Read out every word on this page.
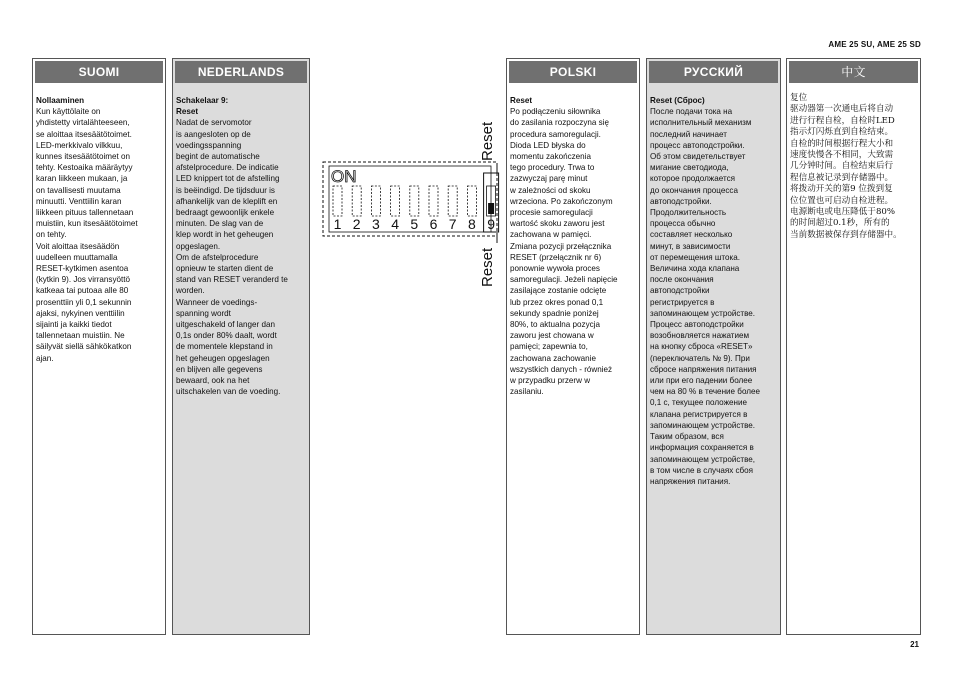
AME 25 SU, AME 25 SD
SUOMI
Nollaaminen
Kun käyttölaite on
yhdistetty virtalähteeseen,
se aloittaa itsesäätötoimet.
LED-merkkivalo vilkkuu,
kunnes itsesäätötoimet on
tehty. Kestoaika määräytyy
karan liikkeen mukaan, ja
on tavallisesti muutama
minuutti. Venttiilin karan
liikkeen pituus tallennetaan
muistiin, kun itsesäätötoimet
on tehty.
Voit aloittaa itsesäädön
uudelleen muuttamalla
RESET-kytkimen asentoa
(kytkin 9). Jos virransyöttö
katkeaa tai putoaa alle 80
prosenttiin yli 0,1 sekunnin
ajaksi, nykyinen venttiilin
sijainti ja kaikki tiedot
tallennetaan muistiin. Ne
säilyvät siellä sähkökatkon
ajan.
NEDERLANDS
Schakelaar 9:
Reset
Nadat de servomotor
is aangesloten op de
voedingsspanning
begint de automatische
afstelprocedure. De indicatie
LED knippert tot de afstelling
is beëindigd. De tijdsduur is
afhankelijk van de kleplift en
bedraagt gewoonlijk enkele
minuten. De slag van de
klep wordt in het geheugen
opgeslagen.
Om de afstelprocedure
opnieuw te starten dient de
stand van RESET veranderd te
worden.
Wanneer de voedings-
spanning wordt
uitgeschakeld of langer dan
0,1s onder 80% daalt, wordt
de momentele klepstand in
het geheugen opgeslagen
en blijven alle gegevens
bewaard, ook na het
uitschakelen van de voeding.
Reset
ON
1 2 3 4 5 6 7 8 9
Reset
POLSKI
Reset
Po podłączeniu siłownika
do zasilania rozpoczyna się
procedura samoregulacji.
Dioda LED błyska do
momentu zakończenia
tego procedury. Trwa to
zazwyczaj parę minut
w zależności od skoku
wrzeciona. Po zakończonym
procesie samoregulacji
wartość skoku zaworu jest
zachowana w pamięci.
Zmiana pozycji przełącznika
RESET (przełącznik nr 6)
ponownie wywoła proces
samoregulacji. Jeżeli napięcie
zasilające zostanie odcięte
lub przez okres ponad 0,1
sekundy spadnie poniżej
80%, to aktualna pozycja
zaworu jest chowana w
pamięci; zapewnia to,
zachowana zachowanie
wszystkich danych - również
w przypadku przerw w
zasilaniu.
РУССКИЙ
Reset (Сброс)
После подачи тока на
исполнительный механизм
последний начинает
процесс автоподстройки.
Об этом свидетельствует
мигание светодиода,
которое продолжается
до окончания процесса
автоподстройки.
Продолжительность
процесса обычно
составляет несколько
минут, в зависимости
от перемещения штока.
Величина хода клапана
после окончания
автоподстройки
регистрируется в
запоминающем устройстве.
Процесс автоподстройки
возобновляется нажатием
на кнопку сброса «RESET»
(переключатель № 9). При
сбросе напряжения питания
или при его падении более
чем на 80 % в течение более
0,1 с, текущее положение
клапана регистрируется в
запоминающем устройстве.
Таким образом, вся
информация сохраняется в
запоминающем устройстве,
в том числе в случаях сбоя
напряжения питания.
中文
复位
驱动器第一次通电后将自动
进行行程自检，自检时LED
指示灯闪烁直到自检结束。
自检的时间根据行程大小和
速度快慢各不相同，大致需
几分钟时间。自检结束后行
程信息被记录到存储器中。
将拨动开关的第9 位拨到复
位位置也可启动自检进程。
电源断电或电压降低于80%
的时间超过0.1秒，所有的
当前数据被保存到存储器中。
21
